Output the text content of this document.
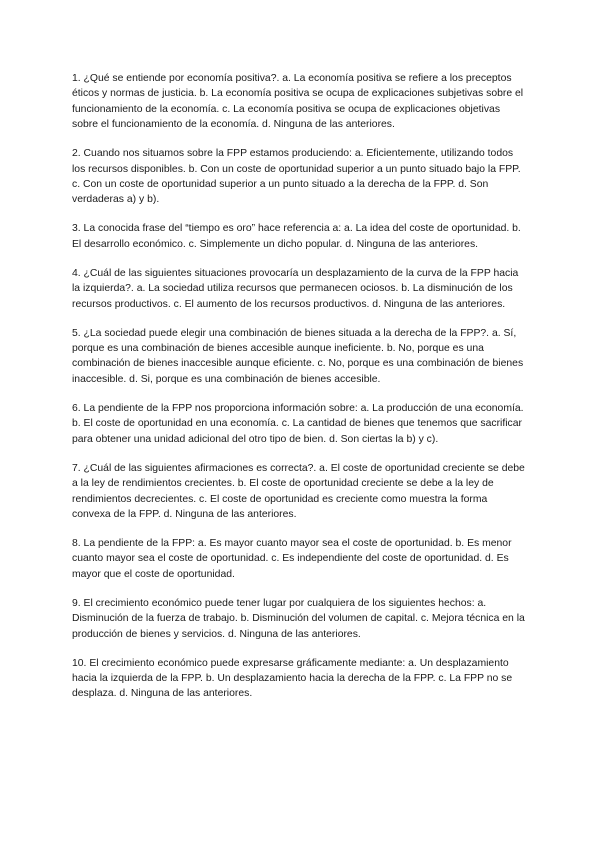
1. ¿Qué se entiende por economía positiva?. a. La economía positiva se refiere a los preceptos éticos y normas de justicia. b. La economía positiva se ocupa de explicaciones subjetivas sobre el funcionamiento de la economía. c. La economía positiva se ocupa de explicaciones objetivas sobre el funcionamiento de la economía. d. Ninguna de las anteriores.

2. Cuando nos situamos sobre la FPP estamos produciendo: a. Eficientemente, utilizando todos los recursos disponibles. b. Con un coste de oportunidad superior a un punto situado bajo la FPP. c. Con un coste de oportunidad superior a un punto situado a la derecha de la FPP. d. Son verdaderas a) y b).

3. La conocida frase del “tiempo es oro” hace referencia a: a. La idea del coste de oportunidad. b. El desarrollo económico. c. Simplemente un dicho popular. d. Ninguna de las anteriores.

4. ¿Cuál de las siguientes situaciones provocaría un desplazamiento de la curva de la FPP hacia la izquierda?. a. La sociedad utiliza recursos que permanecen ociosos. b. La disminución de los recursos productivos. c. El aumento de los recursos productivos. d. Ninguna de las anteriores.

5. ¿La sociedad puede elegir una combinación de bienes situada a la derecha de la FPP?. a. Sí, porque es una combinación de bienes accesible aunque ineficiente. b. No, porque es una combinación de bienes inaccesible aunque eficiente. c. No, porque es una combinación de bienes inaccesible. d. Si, porque es una combinación de bienes accesible.

6. La pendiente de la FPP nos proporciona información sobre: a. La producción de una economía. b. El coste de oportunidad en una economía. c. La cantidad de bienes que tenemos que sacrificar para obtener una unidad adicional del otro tipo de bien. d. Son ciertas la b) y c).

7. ¿Cuál de las siguientes afirmaciones es correcta?. a. El coste de oportunidad creciente se debe a la ley de rendimientos crecientes. b. El coste de oportunidad creciente se debe a la ley de rendimientos decrecientes. c. El coste de oportunidad es creciente como muestra la forma convexa de la FPP. d. Ninguna de las anteriores.

8. La pendiente de la FPP: a. Es mayor cuanto mayor sea el coste de oportunidad. b. Es menor cuanto mayor sea el coste de oportunidad. c. Es independiente del coste de oportunidad. d. Es mayor que el coste de oportunidad.

9. El crecimiento económico puede tener lugar por cualquiera de los siguientes hechos: a. Disminución de la fuerza de trabajo. b. Disminución del volumen de capital. c. Mejora técnica en la producción de bienes y servicios. d. Ninguna de las anteriores.

10. El crecimiento económico puede expresarse gráficamente mediante: a. Un desplazamiento hacia la izquierda de la FPP. b. Un desplazamiento hacia la derecha de la FPP. c. La FPP no se desplaza. d. Ninguna de las anteriores.
